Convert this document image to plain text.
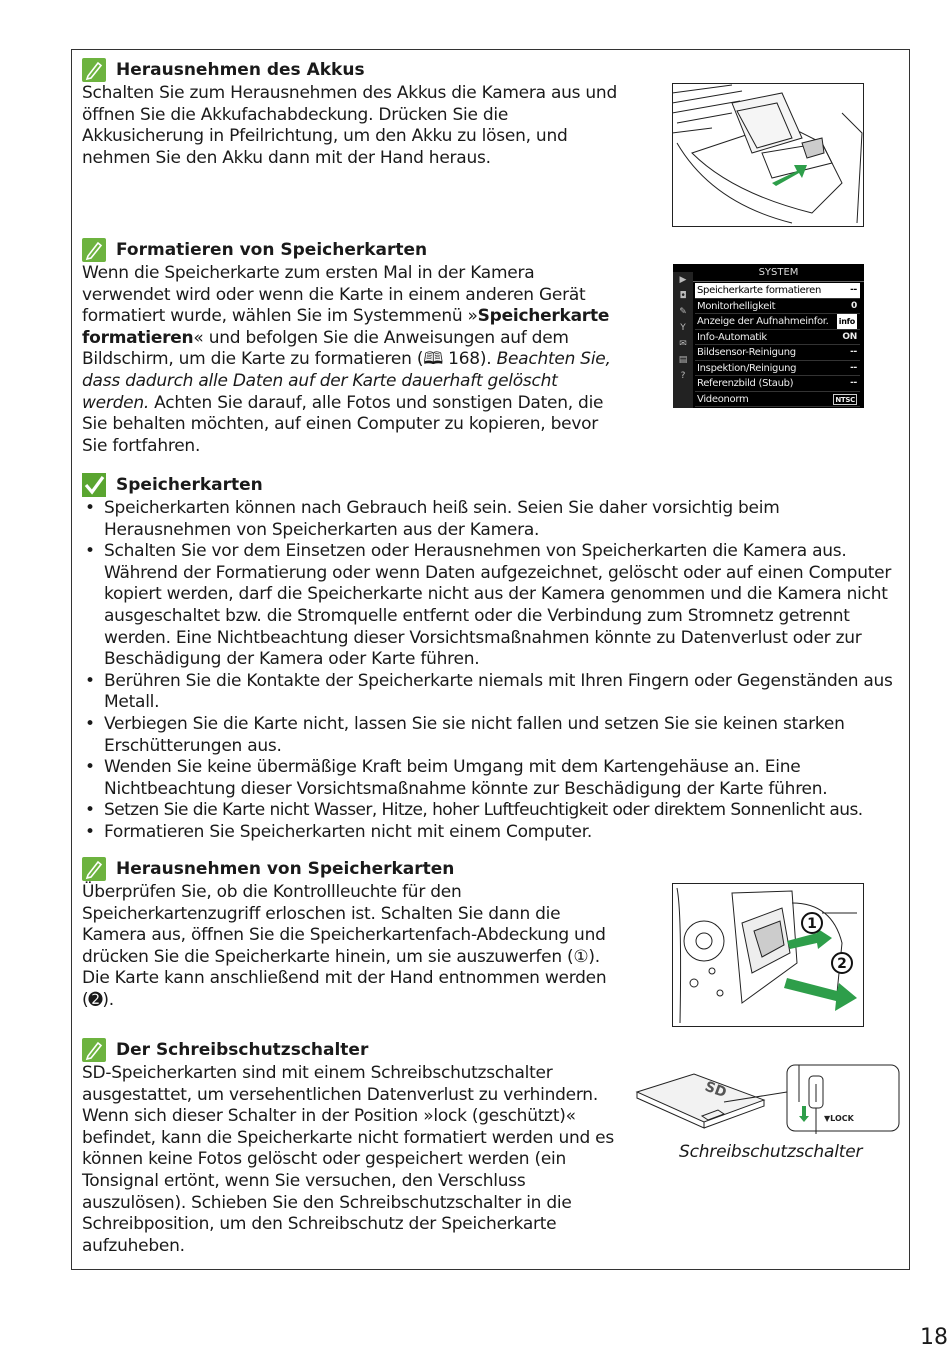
Herausnehmen des Akkus

Schalten Sie zum Herausnehmen des Akkus die Kamera aus und öffnen Sie die Akkufachabdeckung. Drücken Sie die Akkusicherung in Pfeilrichtung, um den Akku zu lösen, und nehmen Sie den Akku dann mit der Hand heraus.

Formatieren von Speicherkarten

Wenn die Speicherkarte zum ersten Mal in der Kamera verwendet wird oder wenn die Karte in einem anderen Gerät formatiert wurde, wählen Sie im Systemmenü »Speicherkarte formatieren« und befolgen Sie die Anweisungen auf dem Bildschirm, um die Karte zu formatieren (🕮 168). Beachten Sie, dass dadurch alle Daten auf der Karte dauerhaft gelöscht werden. Achten Sie darauf, alle Fotos und sonstigen Daten, die Sie behalten möchten, auf einen Computer zu kopieren, bevor Sie fortfahren.

▶
◘
✎
Y
✉
▤
?
SYSTEM
Speicherkarte formatieren	--
Monitorhelligkeit	0
Anzeige der Aufnahmeinfor. info
Info-Automatik	ON
Bildsensor-Reinigung	--
Inspektion/Reinigung	--
Referenzbild (Staub)	--
Videonorm	NTSC
Speicherkarten
• Speicherkarten können nach Gebrauch heiß sein. Seien Sie daher vorsichtig beim Herausnehmen von Speicherkarten aus der Kamera.
• Schalten Sie vor dem Einsetzen oder Herausnehmen von Speicherkarten die Kamera aus. Während der Formatierung oder wenn Daten aufgezeichnet, gelöscht oder auf einen Computer kopiert werden, darf die Speicherkarte nicht aus der Kamera genommen und die Kamera nicht ausgeschaltet bzw. die Stromquelle entfernt oder die Verbindung zum Stromnetz getrennt werden. Eine Nichtbeachtung dieser Vorsichtsmaßnahmen könnte zu Datenverlust oder zur Beschädigung der Kamera oder Karte führen.
• Berühren Sie die Kontakte der Speicherkarte niemals mit Ihren Fingern oder Gegenständen aus Metall.
• Verbiegen Sie die Karte nicht, lassen Sie sie nicht fallen und setzen Sie sie keinen starken Erschütterungen aus.
• Wenden Sie keine übermäßige Kraft beim Umgang mit dem Kartengehäuse an. Eine Nichtbeachtung dieser Vorsichtsmaßnahme könnte zur Beschädigung der Karte führen.
• Setzen Sie die Karte nicht Wasser, Hitze, hoher Luftfeuchtigkeit oder direktem Sonnenlicht aus.
• Formatieren Sie Speicherkarten nicht mit einem Computer.
Herausnehmen von Speicherkarten

Überprüfen Sie, ob die Kontrollleuchte für den Speicherkartenzugriff erloschen ist. Schalten Sie dann die Kamera aus, öffnen Sie die Speicherkartenfach-Abdeckung und drücken Sie die Speicherkarte hinein, um sie auszuwerfen (①). Die Karte kann anschließend mit der Hand entnommen werden (➋).

1
2
Der Schreibschutzschalter

SD-Speicherkarten sind mit einem Schreibschutzschalter ausgestattet, um versehentlichen Datenverlust zu verhindern. Wenn sich dieser Schalter in der Position »lock (geschützt)« befindet, kann die Speicherkarte nicht formatiert werden und es können keine Fotos gelöscht oder gespeichert werden (ein Tonsignal ertönt, wenn Sie versuchen, den Verschluss auszulösen). Schieben Sie den Schreibschutzschalter in die Schreibposition, um den Schreibschutz der Speicherkarte aufzuheben.

SD
▼LOCK
Schreibschutzschalter
18
